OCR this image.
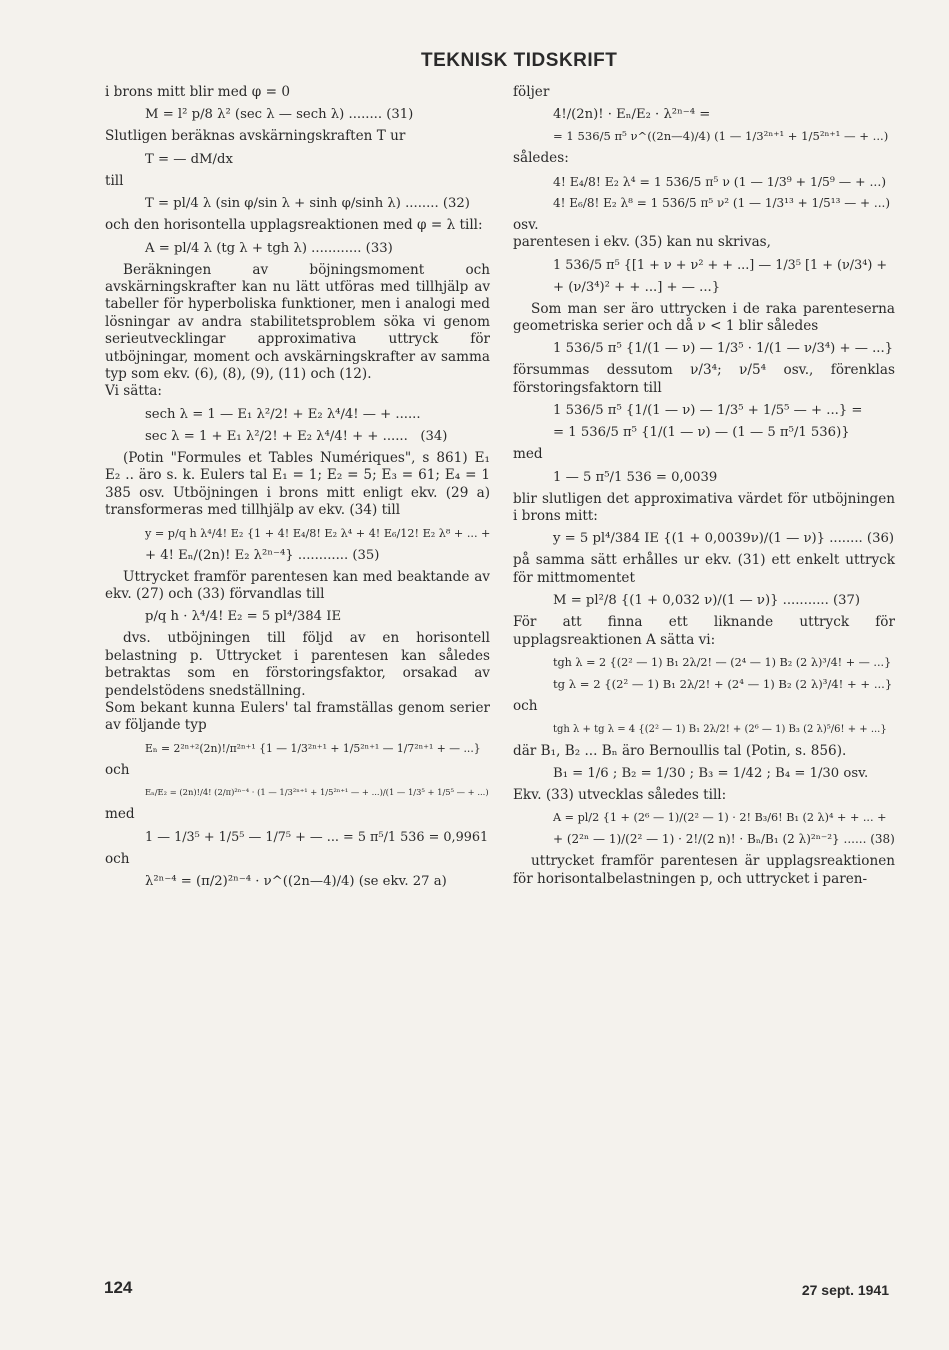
TEKNISK TIDSKRIFT

i brons mitt blir med φ = 0

M = l² p/8 λ² (sec λ — sech λ) ........ (31)

Slutligen beräknas avskärningskraften T ur

T = — dM/dx

till

T = pl/4 λ (sin φ/sin λ + sinh φ/sinh λ) ........ (32)

och den horisontella upplagsreaktionen med φ = λ till:

A = pl/4 λ (tg λ + tgh λ) ............ (33)

Beräkningen av böjningsmoment och avskärningskrafter kan nu lätt utföras med tillhjälp av tabeller för hyperboliska funktioner, men i analogi med lösningar av andra stabilitetsproblem söka vi genom serieutvecklingar approximativa uttryck för utböjningar, moment och avskärningskrafter av samma typ som ekv. (6), (8), (9), (11) och (12).

Vi sätta:

sech λ = 1 — E₁ λ²/2! + E₂ λ⁴/4! — + ......
sec λ = 1 + E₁ λ²/2! + E₂ λ⁴/4! + + ......   (34)

(Potin "Formules et Tables Numériques", s 861) E₁ E₂ .. äro s. k. Eulers tal E₁ = 1; E₂ = 5; E₃ = 61; E₄ = 1 385 osv. Utböjningen i brons mitt enligt ekv. (29 a) transformeras med tillhjälp av ekv. (34) till

y = p/q h λ⁴/4! E₂ {1 + 4! E₄/8! E₂ λ⁴ + 4! E₆/12! E₂ λ⁸ + ... +
+ 4! Eₙ/(2n)! E₂ λ²ⁿ⁻⁴} ............ (35)

Uttrycket framför parentesen kan med beaktande av ekv. (27) och (33) förvandlas till

p/q h · λ⁴/4! E₂ = 5 pl⁴/384 IE

dvs. utböjningen till följd av en horisontell belastning p. Uttrycket i parentesen kan således betraktas som en förstoringsfaktor, orsakad av pendelstödens snedställning.

Som bekant kunna Eulers' tal framställas genom serier av följande typ

Eₙ = 2²ⁿ⁺²(2n)!/π²ⁿ⁺¹ {1 — 1/3²ⁿ⁺¹ + 1/5²ⁿ⁺¹ — 1/7²ⁿ⁺¹ + — ...}

och

Eₙ/E₂ = (2n)!/4! (2/π)²ⁿ⁻⁴ · (1 — 1/3²ⁿ⁺¹ + 1/5²ⁿ⁺¹ — + ...)/(1 — 1/3⁵ + 1/5⁵ — + ...)

med

1 — 1/3⁵ + 1/5⁵ — 1/7⁵ + — ... = 5 π⁵/1 536 = 0,9961

och

λ²ⁿ⁻⁴ = (π/2)²ⁿ⁻⁴ · ν^((2n—4)/4) (se ekv. 27 a)

följer

4!/(2n)! · Eₙ/E₂ · λ²ⁿ⁻⁴ =
= 1 536/5 π⁵ ν^((2n—4)/4) (1 — 1/3²ⁿ⁺¹ + 1/5²ⁿ⁺¹ — + ...)

således:

4! E₄/8! E₂ λ⁴ = 1 536/5 π⁵ ν (1 — 1/3⁹ + 1/5⁹ — + ...)
4! E₆/8! E₂ λ⁸ = 1 536/5 π⁵ ν² (1 — 1/3¹³ + 1/5¹³ — + ...)

osv.

parentesen i ekv. (35) kan nu skrivas,

1 536/5 π⁵ {[1 + ν + ν² + + ...] — 1/3⁵ [1 + (ν/3⁴) +
+ (ν/3⁴)² + + ...] + — ...}

Som man ser äro uttrycken i de raka parenteserna geometriska serier och då ν < 1 blir således

1 536/5 π⁵ {1/(1 — ν) — 1/3⁵ · 1/(1 — ν/3⁴) + — ...}

försummas dessutom ν/3⁴; ν/5⁴ osv., förenklas förstoringsfaktorn till

1 536/5 π⁵ {1/(1 — ν) — 1/3⁵ + 1/5⁵ — + ...} =
= 1 536/5 π⁵ {1/(1 — ν) — (1 — 5 π⁵/1 536)}

med

1 — 5 π⁵/1 536 = 0,0039

blir slutligen det approximativa värdet för utböjningen i brons mitt:

y = 5 pl⁴/384 IE {(1 + 0,0039ν)/(1 — ν)} ........ (36)

på samma sätt erhålles ur ekv. (31) ett enkelt uttryck för mittmomentet

M = pl²/8 {(1 + 0,032 ν)/(1 — ν)} ........... (37)

För att finna ett liknande uttryck för upplagsreaktionen A sätta vi:

tgh λ = 2 {(2² — 1) B₁ 2λ/2! — (2⁴ — 1) B₂ (2 λ)³/4! + — ...}
tg λ = 2 {(2² — 1) B₁ 2λ/2! + (2⁴ — 1) B₂ (2 λ)³/4! + + ...}

och

tgh λ + tg λ = 4 {(2² — 1) B₁ 2λ/2! + (2⁶ — 1) B₃ (2 λ)⁵/6! + + ...}

där B₁, B₂ ... Bₙ äro Bernoullis tal (Potin, s. 856).

B₁ = 1/6 ; B₂ = 1/30 ; B₃ = 1/42 ; B₄ = 1/30 osv.

Ekv. (33) utvecklas således till:

A = pl/2 {1 + (2⁶ — 1)/(2² — 1) · 2! B₃/6! B₁ (2 λ)⁴ + + ... +
+ (2²ⁿ — 1)/(2² — 1) · 2!/(2 n)! · Bₙ/B₁ (2 λ)²ⁿ⁻²} ...... (38)

uttrycket framför parentesen är upplagsreaktionen för horisontalbelastningen p, och uttrycket i paren-

124	27 sept. 1941
